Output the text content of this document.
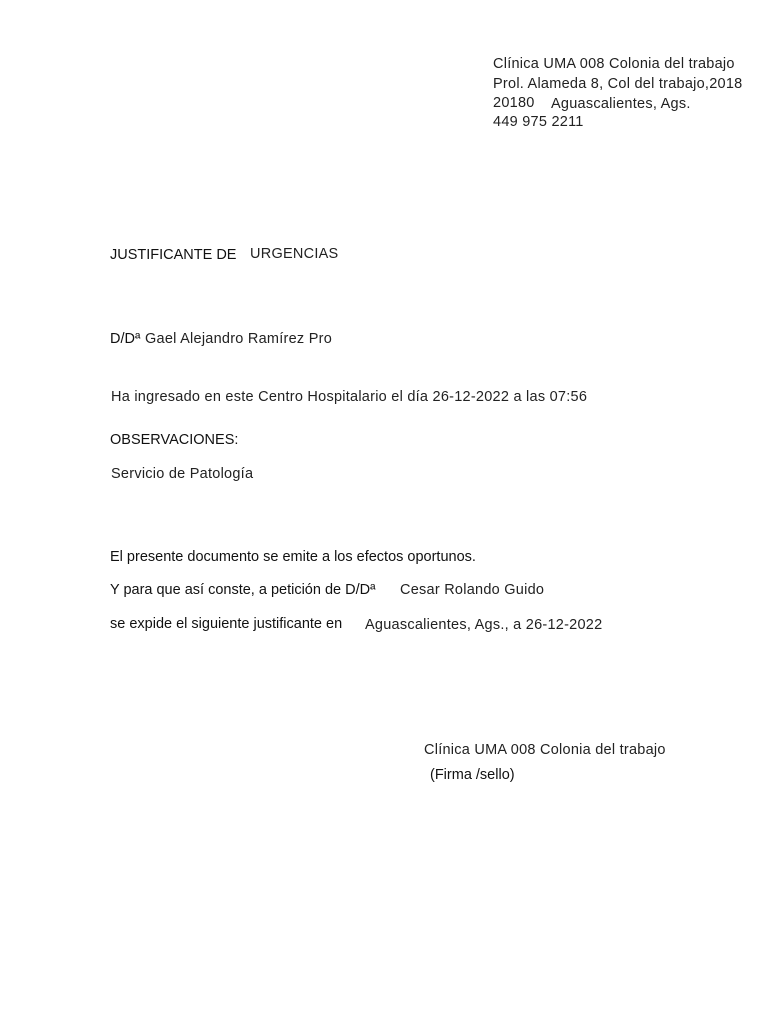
Clínica UMA 008 Colonia del trabajo
Prol. Alameda 8, Col del trabajo,2018
20180 Aguascalientes, Ags.
449 975 2211
JUSTIFICANTE DE URGENCIAS
D/Dª Gael Alejandro Ramírez Pro
Ha ingresado en este Centro Hospitalario el día 26-12-2022 a las 07:56
OBSERVACIONES:
Servicio de Patología
El presente documento se emite a los efectos oportunos.
Y para que así conste, a petición de D/Dª Cesar Rolando Guido
se expide el siguiente justificante en Aguascalientes, Ags., a 26-12-2022
Clínica UMA 008 Colonia del trabajo
(Firma /sello)
